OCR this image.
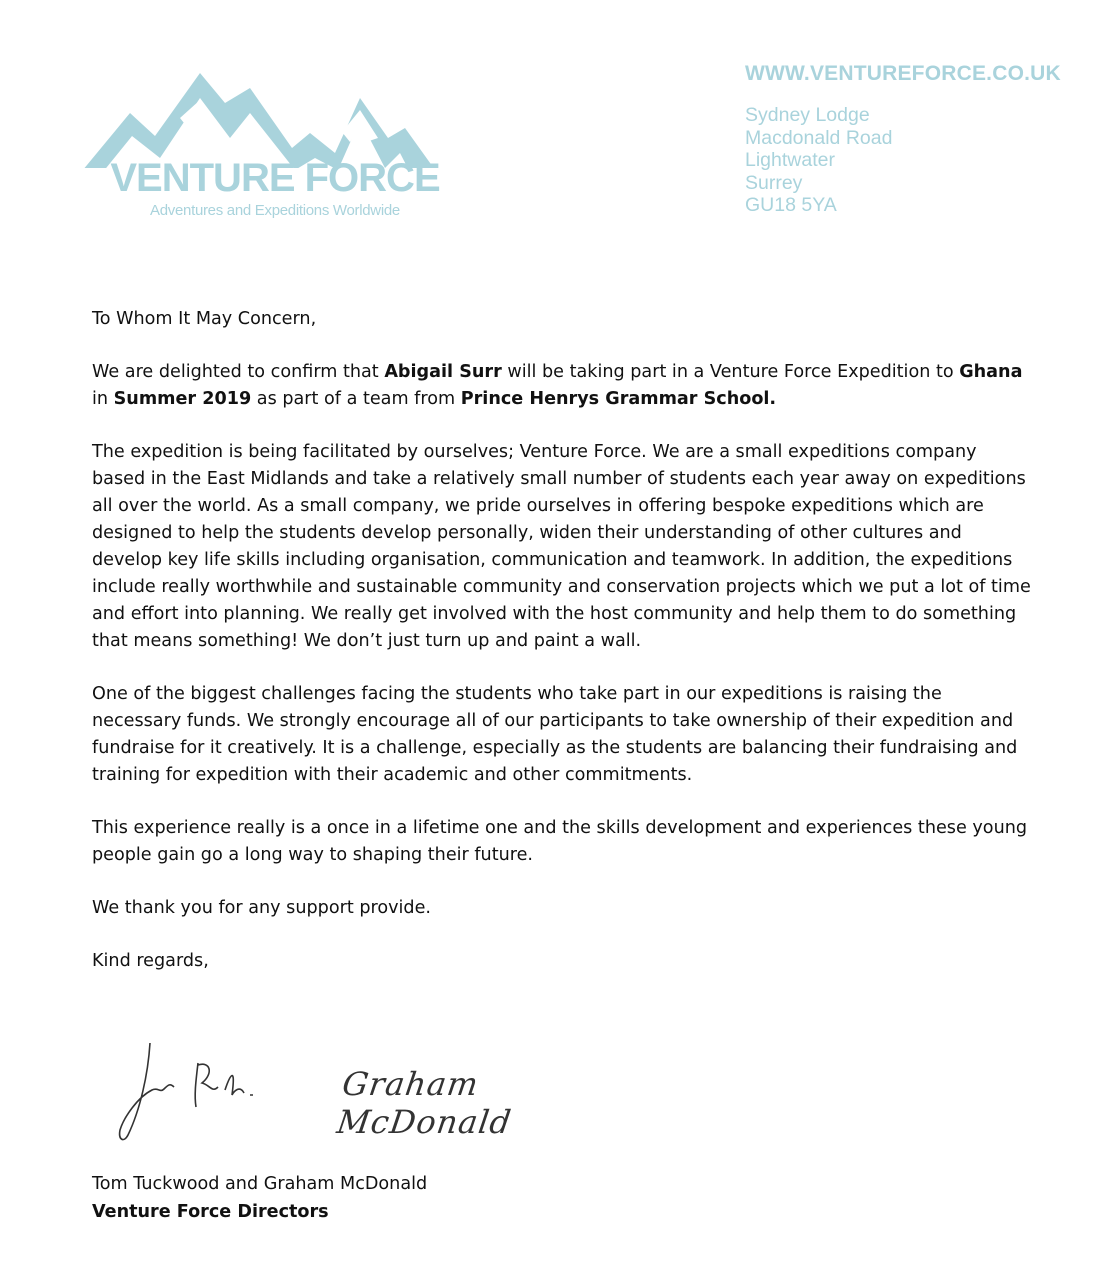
VENTURE FORCE
Adventures and Expeditions Worldwide
WWW.VENTUREFORCE.CO.UK
Sydney Lodge
Macdonald Road
Lightwater
Surrey
GU18 5YA

To Whom It May Concern,

We are delighted to confirm that Abigail Surr will be taking part in a Venture Force Expedition to Ghana in Summer 2019 as part of a team from Prince Henrys Grammar School.

The expedition is being facilitated by ourselves; Venture Force. We are a small expeditions company based in the East Midlands and take a relatively small number of students each year away on expeditions all over the world. As a small company, we pride ourselves in offering bespoke expeditions which are designed to help the students develop personally, widen their understanding of other cultures and develop key life skills including organisation, communication and teamwork. In addition, the expeditions include really worthwhile and sustainable community and conservation projects which we put a lot of time and effort into planning. We really get involved with the host community and help them to do something that means something! We don’t just turn up and paint a wall.

One of the biggest challenges facing the students who take part in our expeditions is raising the necessary funds. We strongly encourage all of our participants to take ownership of their expedition and fundraise for it creatively. It is a challenge, especially as the students are balancing their fundraising and training for expedition with their academic and other commitments.

This experience really is a once in a lifetime one and the skills development and experiences these young people gain go a long way to shaping their future.

We thank you for any support provide.

Kind regards,

Graham McDonald
Tom Tuckwood and Graham McDonald
Venture Force Directors
